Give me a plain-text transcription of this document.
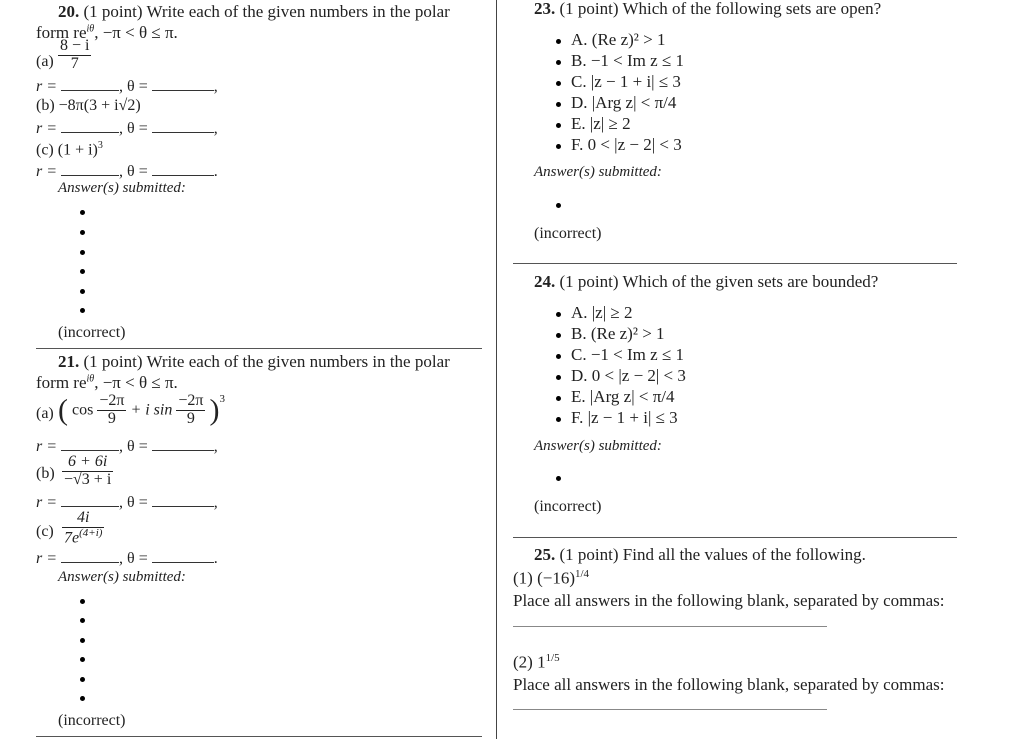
20. (1 point) Write each of the given numbers in the polar
form $re^{i\theta}$, −π < θ ≤ π.
$(a) \frac{8 - i}{7}$
r =	, θ =	,
(b) −8π(3 + i√2)
r =	, θ =	,
(c) $(1 + i)^3$
r =	, θ =	.
Answer(s) submitted:
(incorrect)
21. (1 point) Write each of the given numbers in the polar
form $re^{i\theta}$, −π < θ ≤ π.
(a) ( $\cos \frac{-2\pi}{9} + i$ $\sin \frac{-2\pi}{9} )^3$
r =	, θ =	,
$(b) \frac{6 + 6i}{-√3 + i}$
r =	, θ =	,
$(c) \frac{4i}{7e^{(4+i)}}$
r =	, θ =	.
Answer(s) submitted:
(incorrect)
23. (1 point) Which of the following sets are open?
A. (Re z)² > 1
B. −1 < Im z ≤ 1
C. |z − 1 + i| ≤ 3
D. |Arg z| < π/4
E. |z| ≥ 2
F. 0 < |z − 2| < 3
Answer(s) submitted:
(incorrect)
24. (1 point) Which of the given sets are bounded?
A. |z| ≥ 2
B. (Re z)² > 1
C. −1 < Im z ≤ 1
D. 0 < |z − 2| < 3
E. |Arg z| < π/4
F. |z − 1 + i| ≤ 3
Answer(s) submitted:
(incorrect)
25. (1 point) Find all the values of the following.
(1) $(-16)^{1/4}$
Place all answers in the following blank, separated by commas:
(2) $1^{1/5}$
Place all answers in the following blank, separated by commas:
